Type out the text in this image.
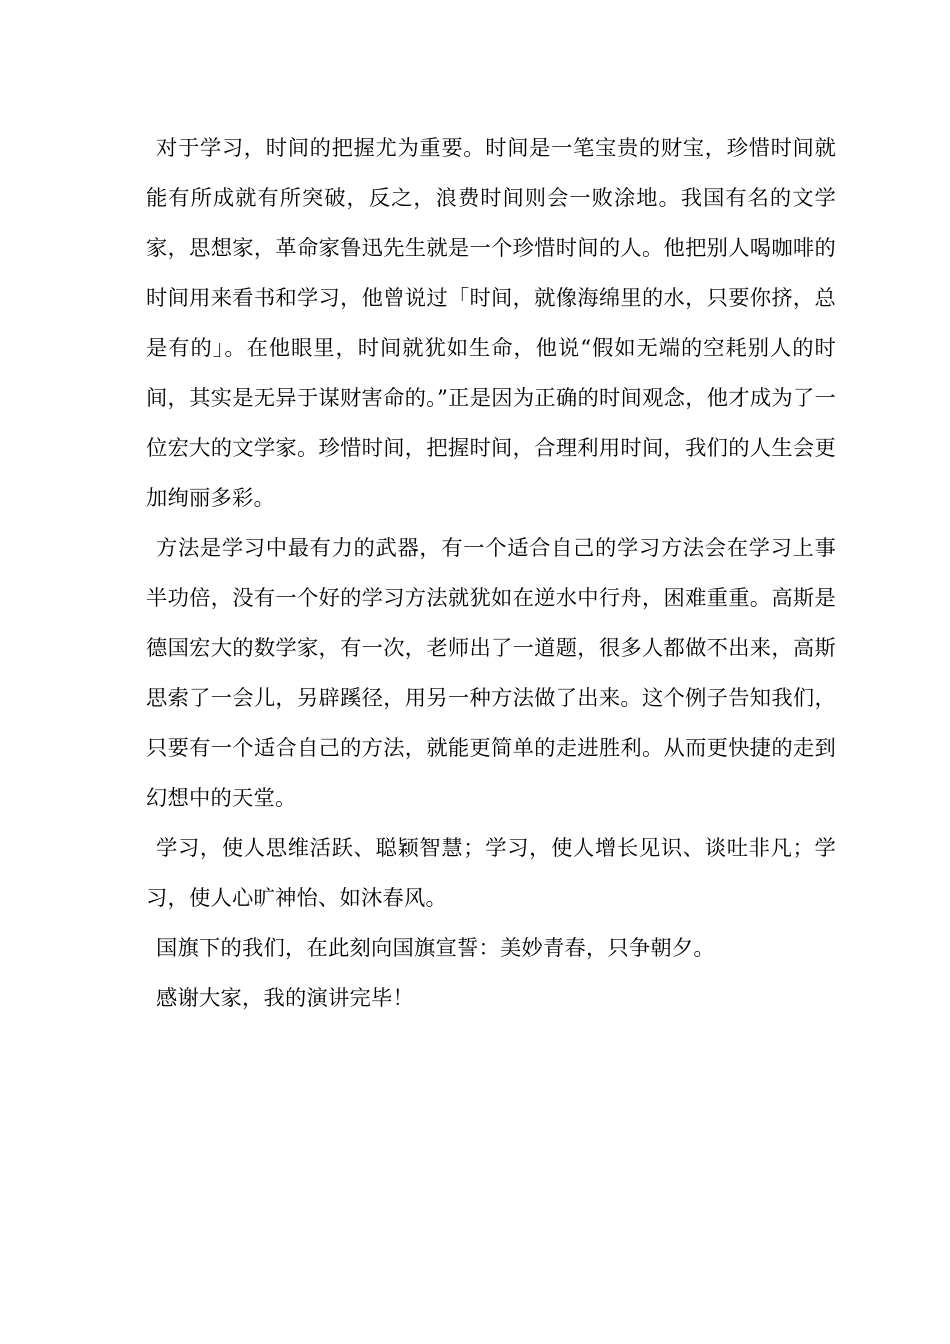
对于学习，时间的把握尤为重要。时间是一笔宝贵的财宝，珍惜时间就能有所成就有所突破，反之，浪费时间则会一败涂地。我国有名的文学家，思想家，革命家鲁迅先生就是一个珍惜时间的人。他把别人喝咖啡的时间用来看书和学习，他曾说过「时间，就像海绵里的水，只要你挤，总是有的」。在他眼里，时间就犹如生命，他说“假如无端的空耗别人的时间，其实是无异于谋财害命的。”正是因为正确的时间观念，他才成为了一位宏大的文学家。珍惜时间，把握时间，合理利用时间，我们的人生会更加绚丽多彩。

方法是学习中最有力的武器，有一个适合自己的学习方法会在学习上事半功倍，没有一个好的学习方法就犹如在逆水中行舟，困难重重。高斯是德国宏大的数学家，有一次，老师出了一道题，很多人都做不出来，高斯思索了一会儿，另辟蹊径，用另一种方法做了出来。这个例子告知我们，只要有一个适合自己的方法，就能更简单的走进胜利。从而更快捷的走到幻想中的天堂。

学习，使人思维活跃、聪颖智慧；学习，使人增长见识、谈吐非凡；学习，使人心旷神怡、如沐春风。

国旗下的我们，在此刻向国旗宣誓：美妙青春，只争朝夕。

感谢大家，我的演讲完毕！
